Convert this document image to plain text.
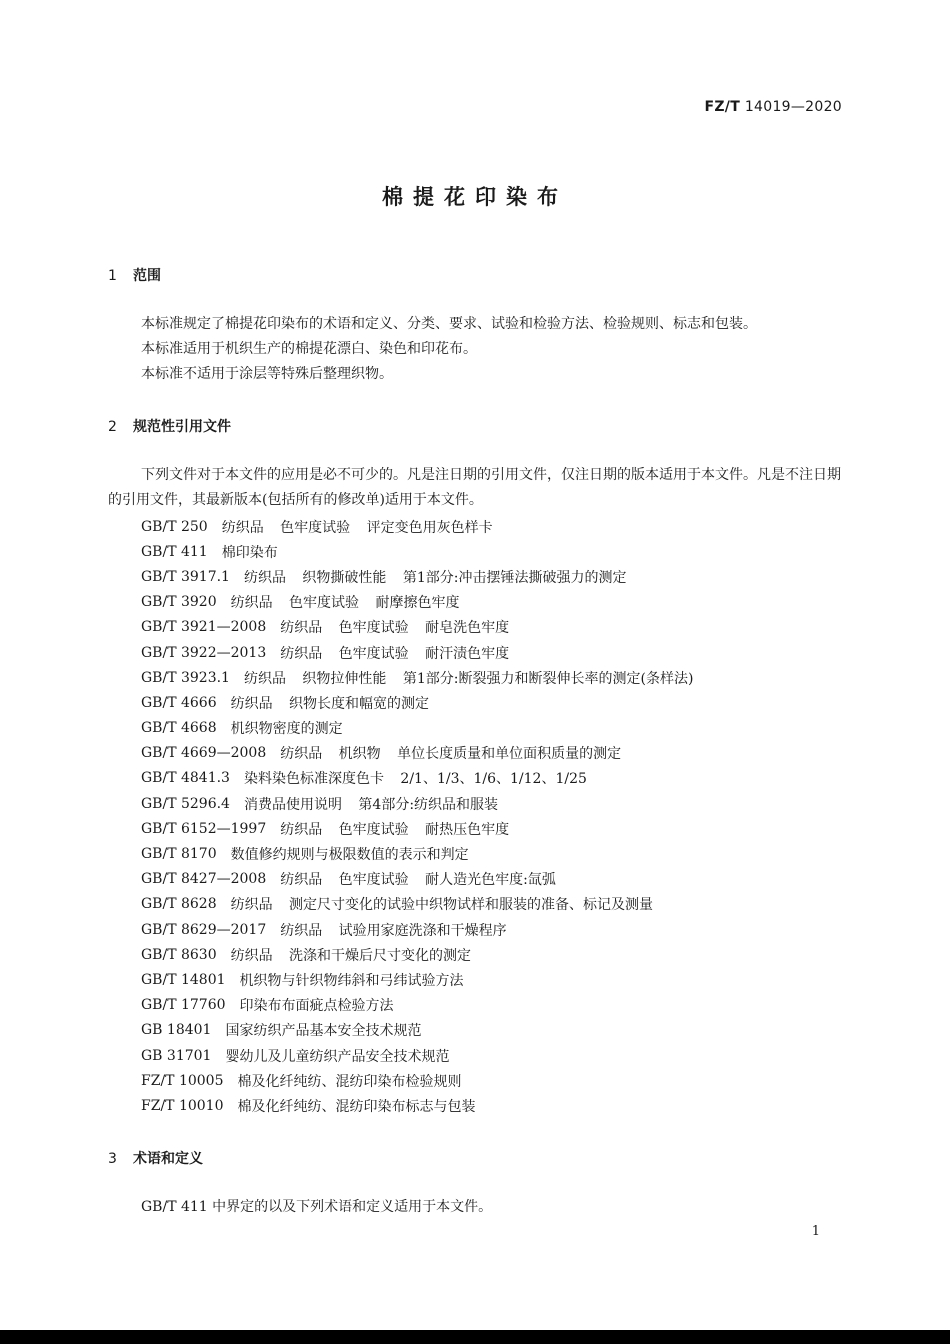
FZ/T 14019—2020
棉提花印染布
1 范围
本标准规定了棉提花印染布的术语和定义、分类、要求、试验和检验方法、检验规则、标志和包装。
本标准适用于机织生产的棉提花漂白、染色和印花布。
本标准不适用于涂层等特殊后整理织物。
2 规范性引用文件
下列文件对于本文件的应用是必不可少的。凡是注日期的引用文件，仅注日期的版本适用于本文件。凡是不注日期的引用文件，其最新版本(包括所有的修改单)适用于本文件。
GB/T 250 纺织品 色牢度试验 评定变色用灰色样卡
GB/T 411 棉印染布
GB/T 3917.1 纺织品 织物撕破性能 第1部分:冲击摆锤法撕破强力的测定
GB/T 3920 纺织品 色牢度试验 耐摩擦色牢度
GB/T 3921—2008 纺织品 色牢度试验 耐皂洗色牢度
GB/T 3922—2013 纺织品 色牢度试验 耐汗渍色牢度
GB/T 3923.1 纺织品 织物拉伸性能 第1部分:断裂强力和断裂伸长率的测定(条样法)
GB/T 4666 纺织品 织物长度和幅宽的测定
GB/T 4668 机织物密度的测定
GB/T 4669—2008 纺织品 机织物 单位长度质量和单位面积质量的测定
GB/T 4841.3 染料染色标准深度色卡 2/1、1/3、1/6、1/12、1/25
GB/T 5296.4 消费品使用说明 第4部分:纺织品和服装
GB/T 6152—1997 纺织品 色牢度试验 耐热压色牢度
GB/T 8170 数值修约规则与极限数值的表示和判定
GB/T 8427—2008 纺织品 色牢度试验 耐人造光色牢度:氙弧
GB/T 8628 纺织品 测定尺寸变化的试验中织物试样和服装的准备、标记及测量
GB/T 8629—2017 纺织品 试验用家庭洗涤和干燥程序
GB/T 8630 纺织品 洗涤和干燥后尺寸变化的测定
GB/T 14801 机织物与针织物纬斜和弓纬试验方法
GB/T 17760 印染布布面疵点检验方法
GB 18401 国家纺织产品基本安全技术规范
GB 31701 婴幼儿及儿童纺织产品安全技术规范
FZ/T 10005 棉及化纤纯纺、混纺印染布检验规则
FZ/T 10010 棉及化纤纯纺、混纺印染布标志与包装
3 术语和定义
GB/T 411 中界定的以及下列术语和定义适用于本文件。
1
